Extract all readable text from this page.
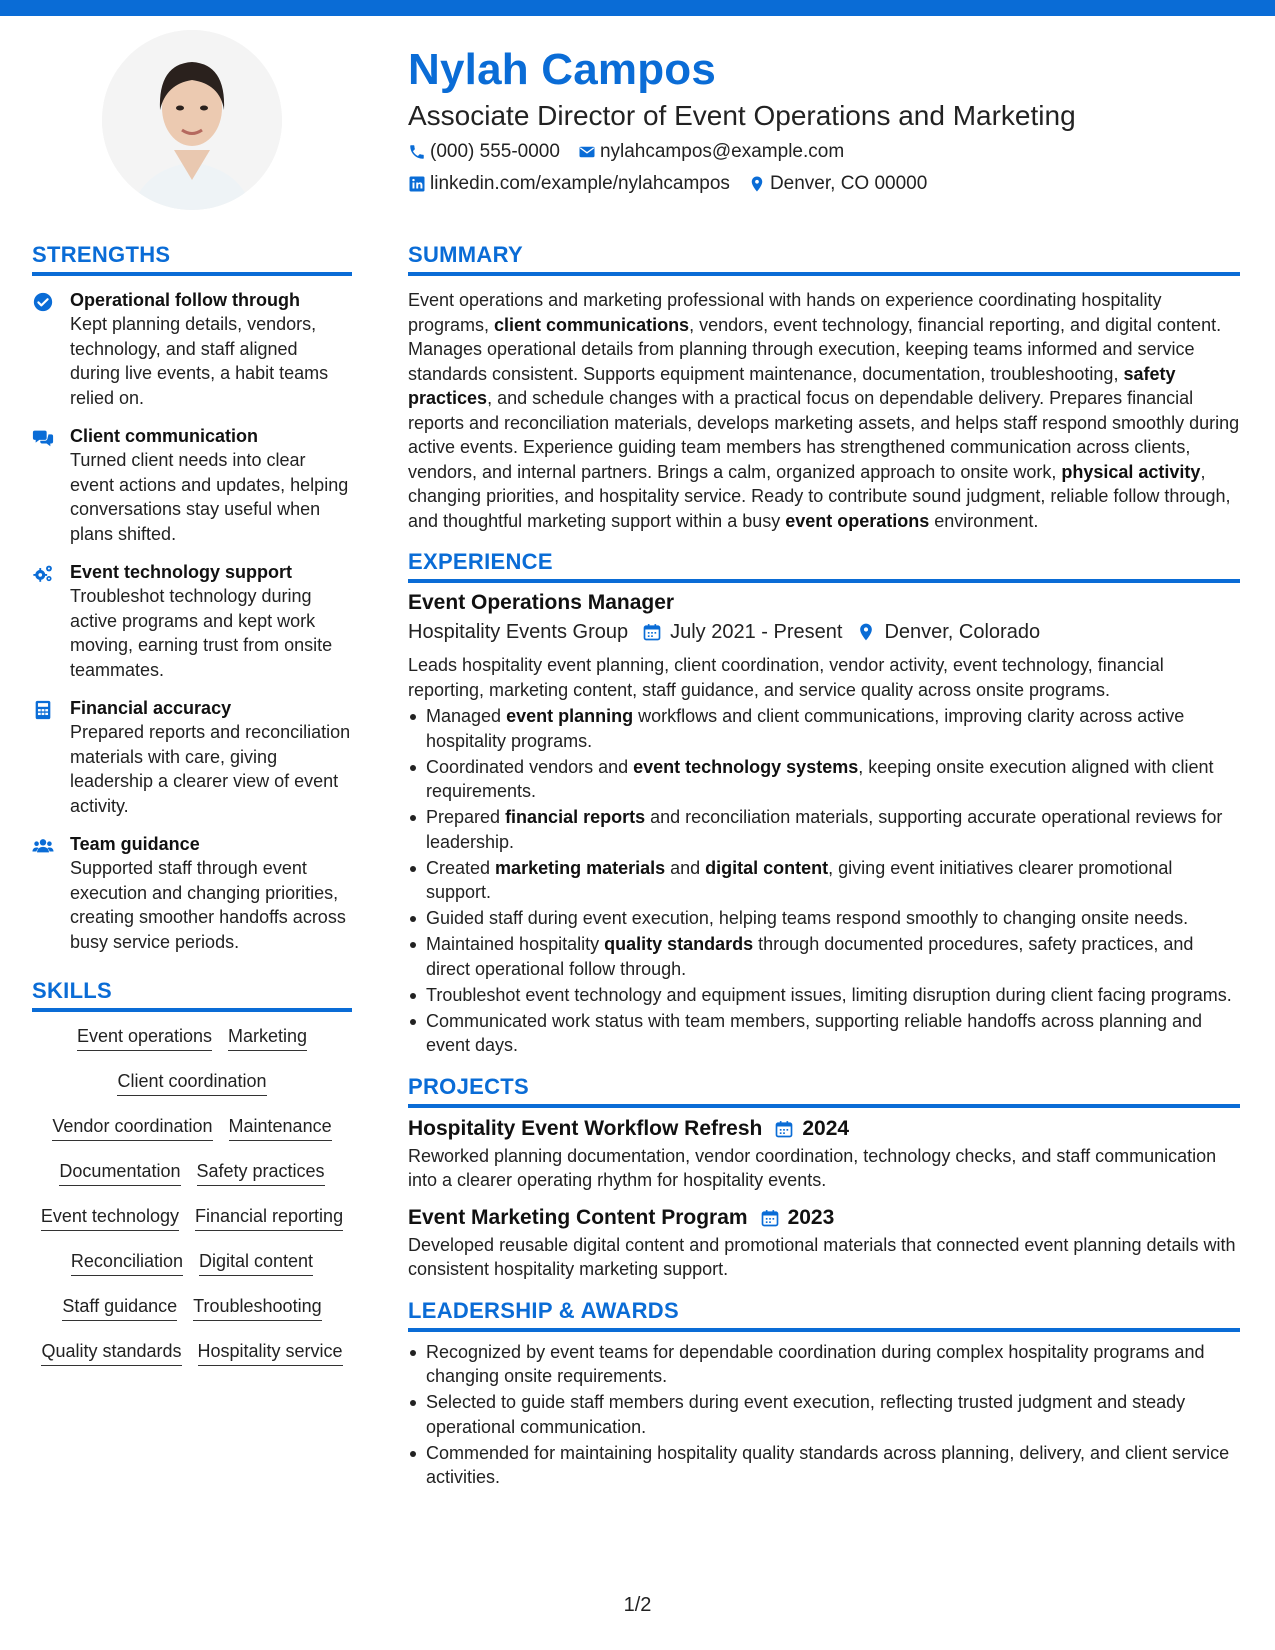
Nylah Campos
Associate Director of Event Operations and Marketing
(000) 555-0000 nylahcampos@example.com
linkedin.com/example/nylahcampos Denver, CO 00000
STRENGTHS
Operational follow through
Kept planning details, vendors, technology, and staff aligned during live events, a habit teams relied on.
Client communication
Turned client needs into clear event actions and updates, helping conversations stay useful when plans shifted.
Event technology support
Troubleshot technology during active programs and kept work moving, earning trust from onsite teammates.
Financial accuracy
Prepared reports and reconciliation materials with care, giving leadership a clearer view of event activity.
Team guidance
Supported staff through event execution and changing priorities, creating smoother handoffs across busy service periods.
SKILLS
Event operations Marketing
Client coordination
Vendor coordination Maintenance
Documentation Safety practices
Event technology Financial reporting
Reconciliation Digital content
Staff guidance Troubleshooting
Quality standards Hospitality service
SUMMARY

Event operations and marketing professional with hands on experience coordinating hospitality programs, client communications, vendors, event technology, financial reporting, and digital content. Manages operational details from planning through execution, keeping teams informed and service standards consistent. Supports equipment maintenance, documentation, troubleshooting, safety practices, and schedule changes with a practical focus on dependable delivery. Prepares financial reports and reconciliation materials, develops marketing assets, and helps staff respond smoothly during active events. Experience guiding team members has strengthened communication across clients, vendors, and internal partners. Brings a calm, organized approach to onsite work, physical activity, changing priorities, and hospitality service. Ready to contribute sound judgment, reliable follow through, and thoughtful marketing support within a busy event operations environment.

EXPERIENCE
Event Operations Manager
Hospitality Events Group July 2021 - Present Denver, Colorado

Leads hospitality event planning, client coordination, vendor activity, event technology, financial reporting, marketing content, staff guidance, and service quality across onsite programs.

Managed event planning workflows and client communications, improving clarity across active hospitality programs.
Coordinated vendors and event technology systems, keeping onsite execution aligned with client requirements.
Prepared financial reports and reconciliation materials, supporting accurate operational reviews for leadership.
Created marketing materials and digital content, giving event initiatives clearer promotional support.
Guided staff during event execution, helping teams respond smoothly to changing onsite needs.
Maintained hospitality quality standards through documented procedures, safety practices, and direct operational follow through.
Troubleshot event technology and equipment issues, limiting disruption during client facing programs.
Communicated work status with team members, supporting reliable handoffs across planning and event days.
PROJECTS
Hospitality Event Workflow Refresh 2024

Reworked planning documentation, vendor coordination, technology checks, and staff communication into a clearer operating rhythm for hospitality events.

Event Marketing Content Program 2023

Developed reusable digital content and promotional materials that connected event planning details with consistent hospitality marketing support.

LEADERSHIP & AWARDS
Recognized by event teams for dependable coordination during complex hospitality programs and changing onsite requirements.
Selected to guide staff members during event execution, reflecting trusted judgment and steady operational communication.
Commended for maintaining hospitality quality standards across planning, delivery, and client service activities.
1/2
